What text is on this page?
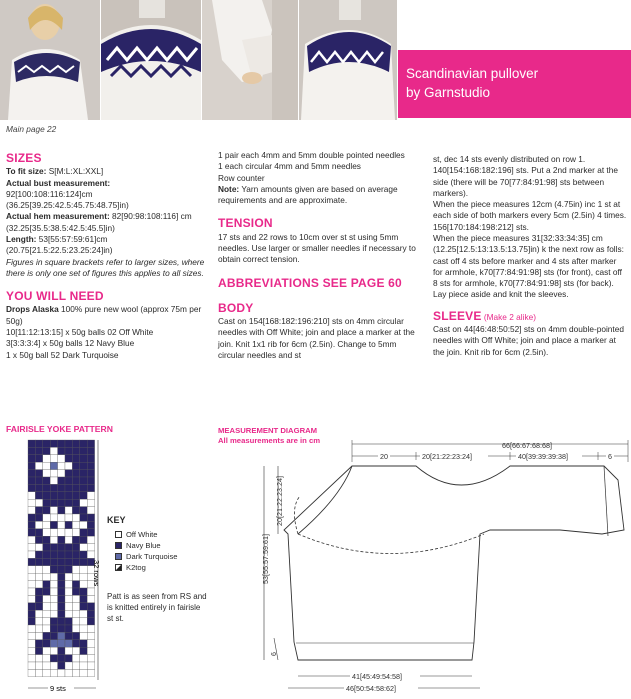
Scandinavian pullover
by Garnstudio
Main page 22
SIZES

To fit size: S[M:L:XL:XXL]

Actual bust measurement:
92[100:108:116:124]cm (36.25[39.25:42.5:45.75:48.75]in)

Actual hem measurement: 82[90:98:108:116] cm (32.25[35.5:38.5:42.5:45.5]in)

Length: 53[55:57:59:61]cm (20.75[21.5:22.5:23.25:24]in)

Figures in square brackets refer to larger sizes, where there is only one set of figures this applies to all sizes.

YOU WILL NEED

Drops Alaska 100% pure new wool (approx 75m per 50g)

10[11:12:13:15] x 50g balls 02 Off White

3[3:3:3:4] x 50g balls 12 Navy Blue

1 x 50g ball 52 Dark Turquoise

1 pair each 4mm and 5mm double pointed needles

1 each circular 4mm and 5mm needles

Row counter

Note: Yarn amounts given are based on average requirements and are approximate.

TENSION

17 sts and 22 rows to 10cm over st st using 5mm needles. Use larger or smaller needles if necessary to obtain correct tension.

ABBREVIATIONS SEE PAGE 60
BODY

Cast on 154[168:182:196:210] sts on 4mm circular needles with Off White; join and place a marker at the join. Knit 1x1 rib for 6cm (2.5in). Change to 5mm circular needles and st

st, dec 14 sts evenly distributed on row 1. 140[154:168:182:196] sts. Put a 2nd marker at the side (there will be 70[77:84:91:98] sts between markers).

When the piece measures 12cm (4.75in) inc 1 st at each side of both markers every 5cm (2.5in) 4 times. 156[170:184:198:212] sts.

When the piece measures 31[32:33:34:35] cm (12.25[12.5:13:13.5:13.75]in) k the next row as folls: cast off 4 sts before marker and 4 sts after marker for armhole, k70[77:84:91:98] sts (for front), cast off 8 sts for armhole, k70[77:84:91:98] sts (for back).

Lay piece aside and knit the sleeves.

SLEEVE (Make 2 alike)

Cast on 44[46:48:50:52] sts on 4mm double-pointed needles with Off White; join and place a marker at the join. Knit rib for 6cm (2.5in).

FAIRISLE YOKE PATTERN
32 rows
9 sts
KEY
Off White
Navy Blue
Dark Turquoise
K2tog
Patt is as seen from RS and is knitted entirely in fairisle st st.
MEASUREMENT DIAGRAM
All measurements are in cm
66[66:67:68:68]
20	20[21:22:23:24]	40[39:39:39:38]	6
53[55:57:59:61]
20[21:22:23:24]
6
41[45:49:54:58]
46[50:54:58:62]
